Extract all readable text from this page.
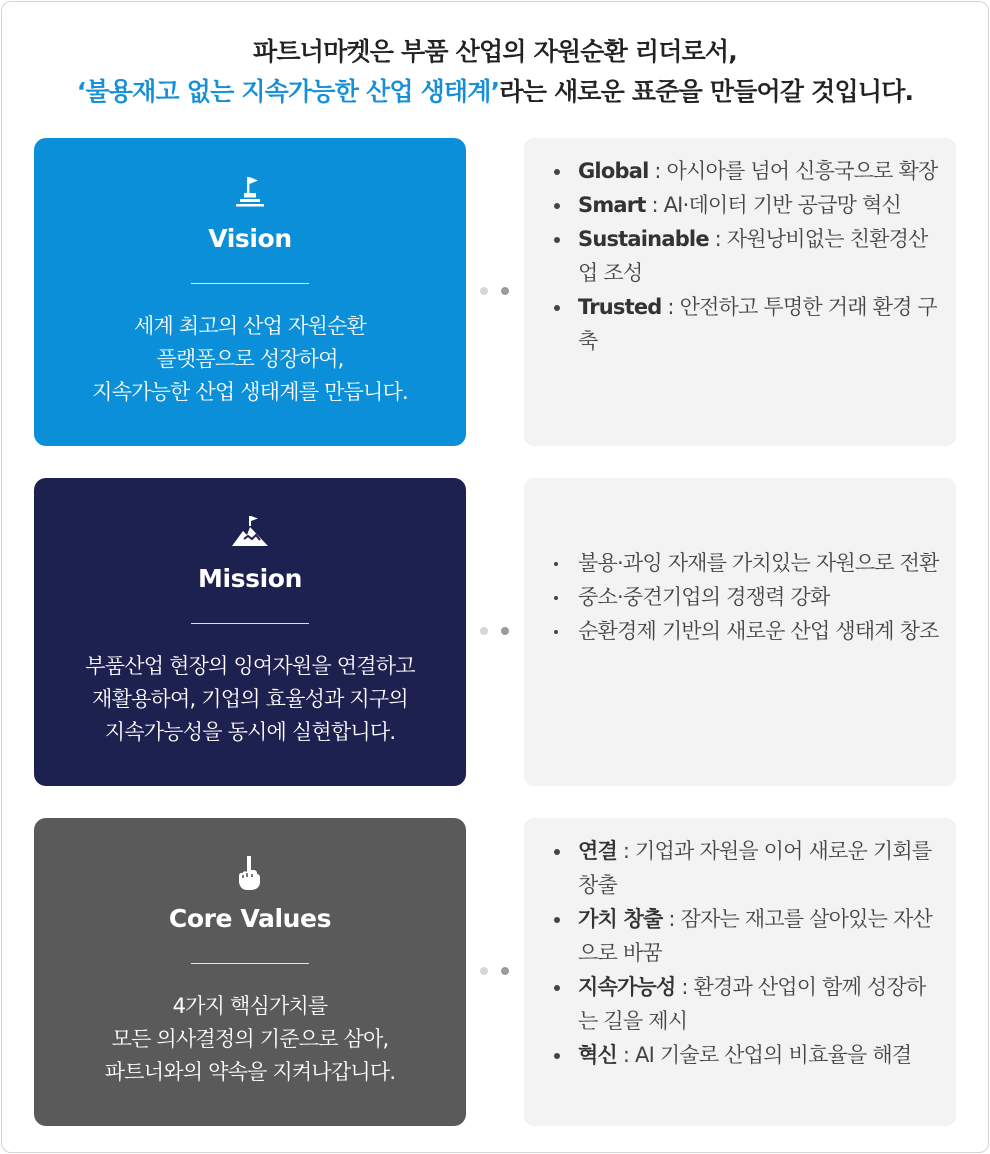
파트너마켓은 부품 산업의 자원순환 리더로서,
‘불용재고 없는 지속가능한 산업 생태계’라는 새로운 표준을 만들어갈 것입니다.
Vision
세계 최고의 산업 자원순환
플랫폼으로 성장하여,
지속가능한 산업 생태계를 만듭니다.
Global : 아시아를 넘어 신흥국으로 확장
Smart : AI·데이터 기반 공급망 혁신
Sustainable : 자원낭비없는 친환경산업 조성
Trusted : 안전하고 투명한 거래 환경 구축
Mission
부품산업 현장의 잉여자원을 연결하고
재활용하여, 기업의 효율성과 지구의
지속가능성을 동시에 실현합니다.
불용·과잉 자재를 가치있는 자원으로 전환
중소·중견기업의 경쟁력 강화
순환경제 기반의 새로운 산업 생태계 창조
Core Values
4가지 핵심가치를
모든 의사결정의 기준으로 삼아,
파트너와의 약속을 지켜나갑니다.
연결 : 기업과 자원을 이어 새로운 기회를 창출
가치 창출 : 잠자는 재고를 살아있는 자산으로 바꿈
지속가능성 : 환경과 산업이 함께 성장하는 길을 제시
혁신 : AI 기술로 산업의 비효율을 해결
